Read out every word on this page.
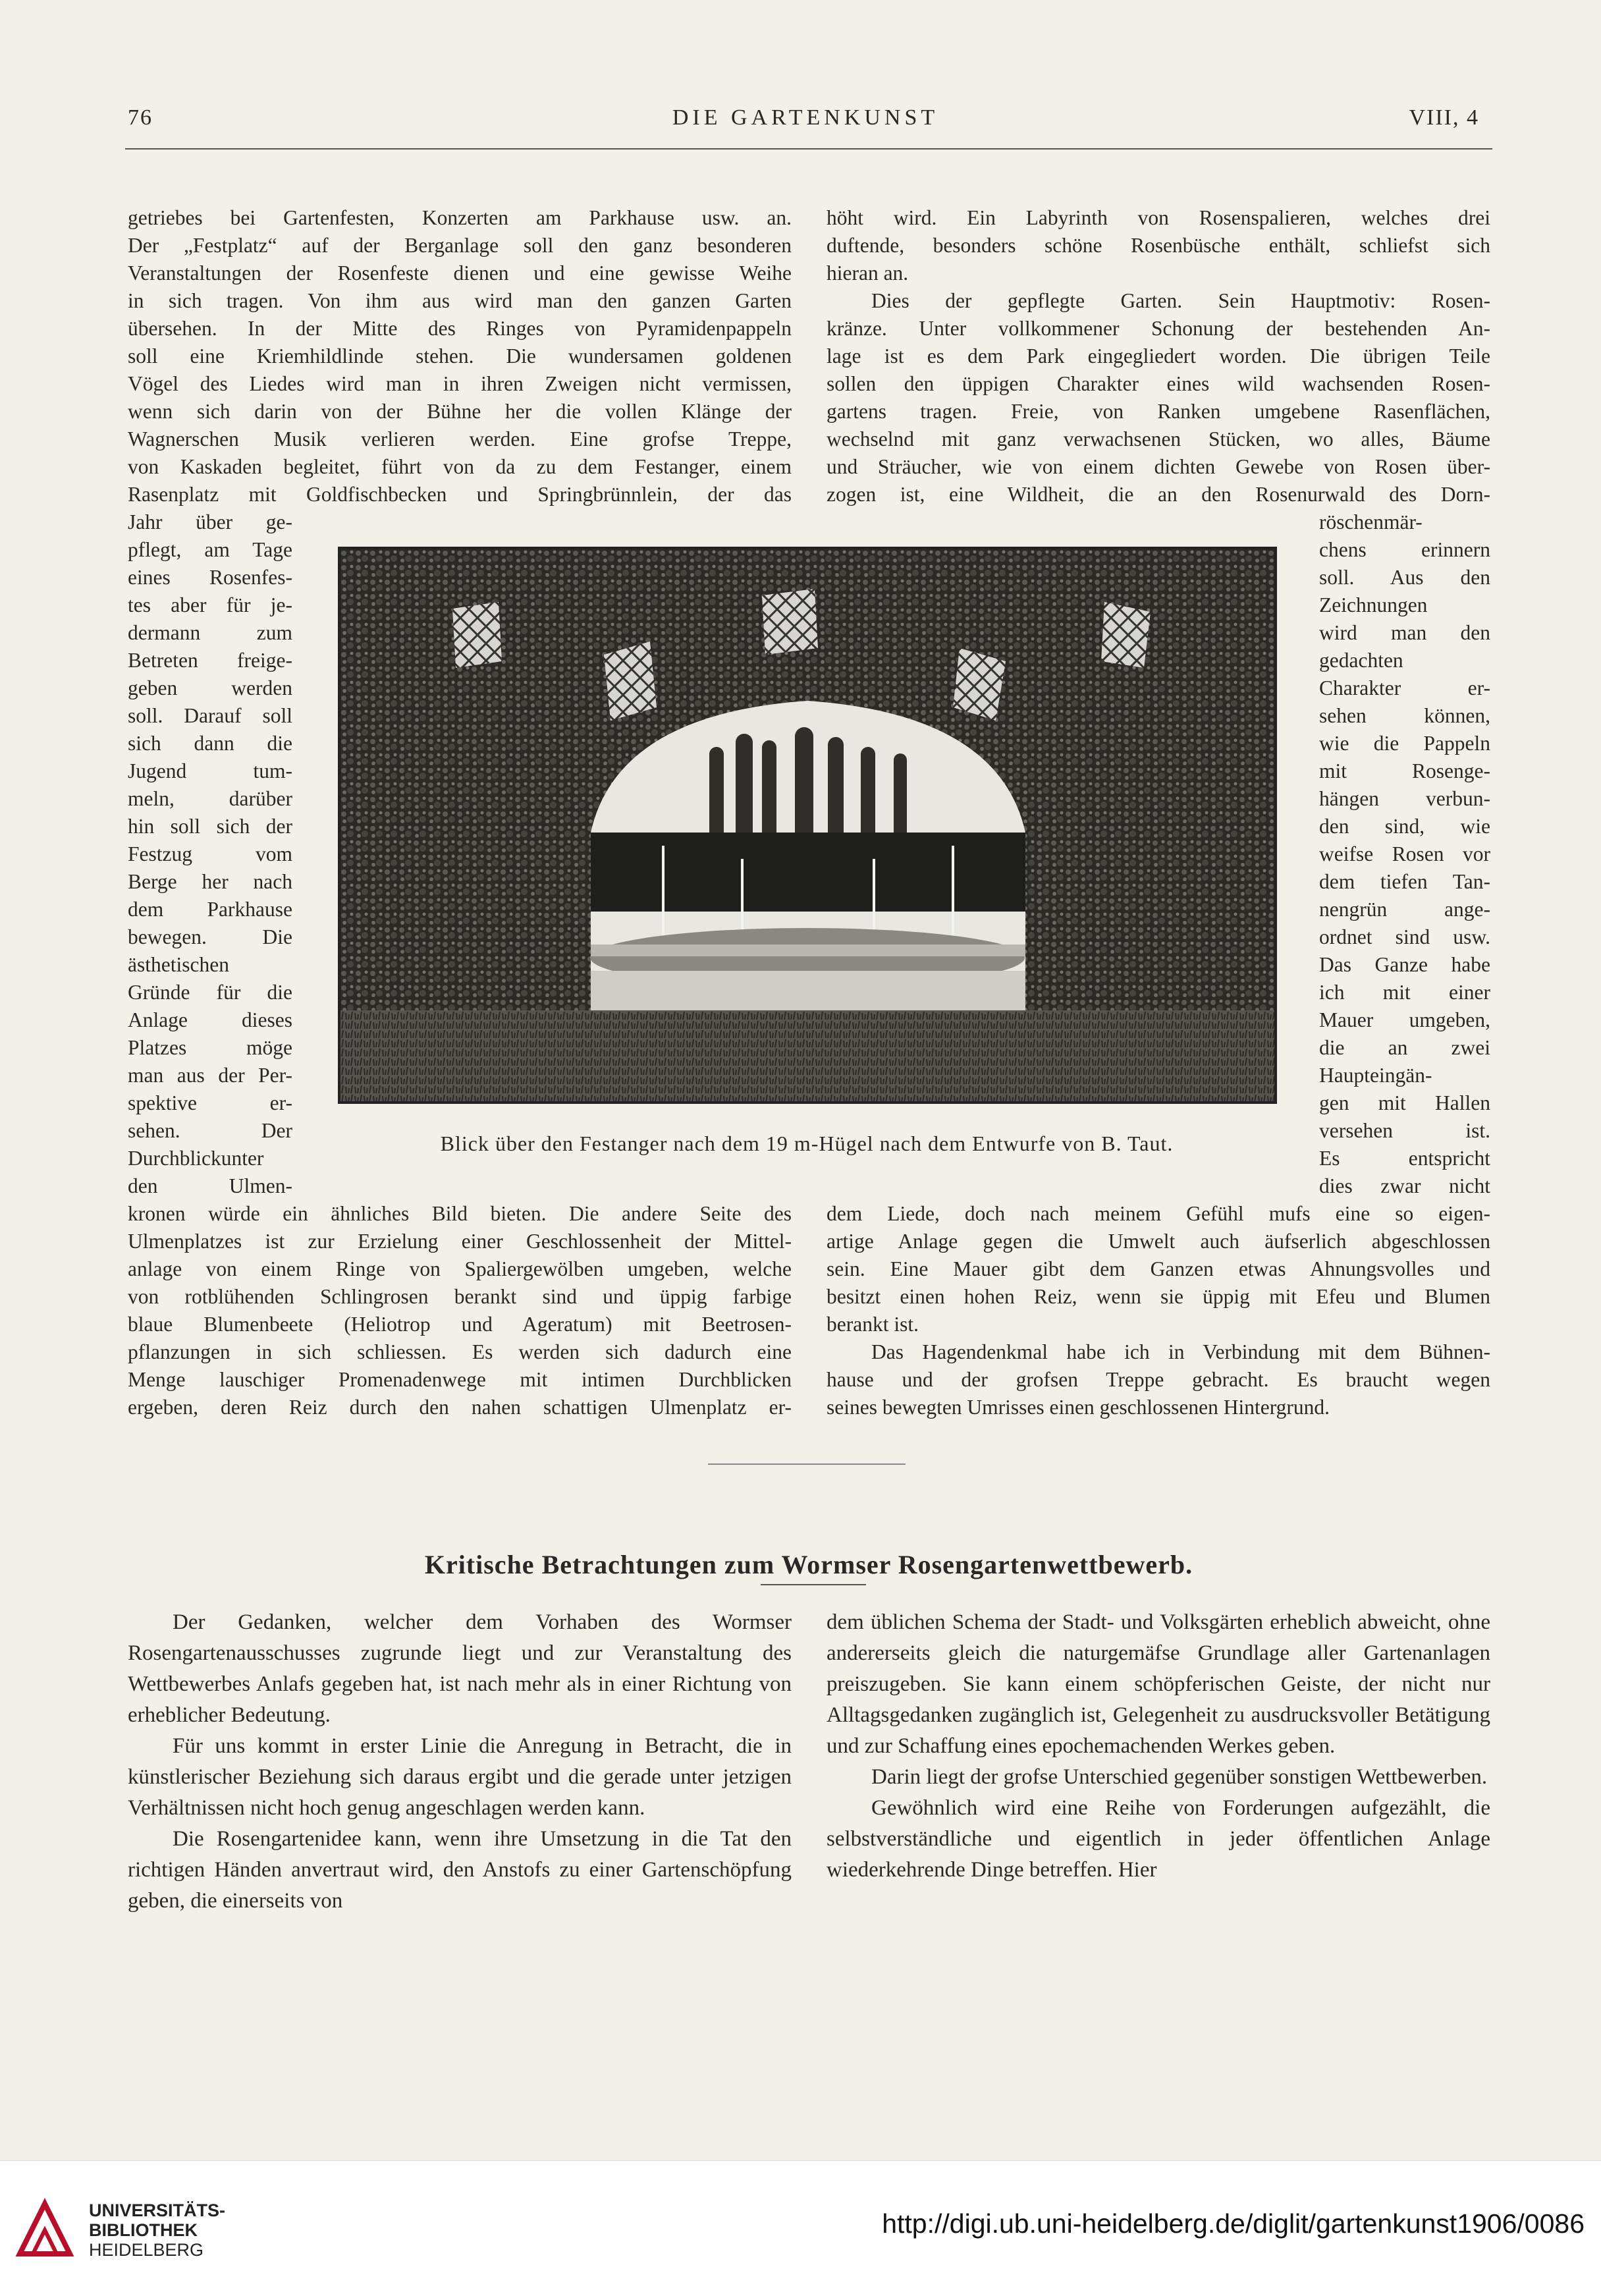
76	DIE GARTENKUNST	VIII, 4
getriebes bei Gartenfesten, Konzerten am Parkhause usw. an.
Der „Festplatz“ auf der Berganlage soll den ganz besonderen
Veranstaltungen der Rosenfeste dienen und eine gewisse Weihe
in sich tragen. Von ihm aus wird man den ganzen Garten
übersehen. In der Mitte des Ringes von Pyramidenpappeln
soll eine Kriemhildlinde stehen. Die wundersamen goldenen
Vögel des Liedes wird man in ihren Zweigen nicht vermissen,
wenn sich darin von der Bühne her die vollen Klänge der
Wagnerschen Musik verlieren werden. Eine grofse Treppe,
von Kaskaden begleitet, führt von da zu dem Festanger, einem
Rasenplatz mit Goldfischbecken und Springbrünnlein, der das
Jahr über ge-
pflegt, am Tage
eines Rosenfes-
tes aber für je-
dermann zum
Betreten freige-
geben werden
soll. Darauf soll
sich dann die
Jugend tum-
meln, darüber
hin soll sich der
Festzug vom
Berge her nach
dem Parkhause
bewegen. Die
ästhetischen
Gründe für die
Anlage dieses
Platzes möge
man aus der Per-
spektive er-
sehen. Der
Durchblickunter
den Ulmen-
kronen würde ein ähnliches Bild bieten. Die andere Seite des
Ulmenplatzes ist zur Erzielung einer Geschlossenheit der Mittel-
anlage von einem Ringe von Spaliergewölben umgeben, welche
von rotblühenden Schlingrosen berankt sind und üppig farbige
blaue Blumenbeete (Heliotrop und Ageratum) mit Beetrosen-
pflanzungen in sich schliessen. Es werden sich dadurch eine
Menge lauschiger Promenadenwege mit intimen Durchblicken
ergeben, deren Reiz durch den nahen schattigen Ulmenplatz er-
höht wird. Ein Labyrinth von Rosenspalieren, welches drei
duftende, besonders schöne Rosenbüsche enthält, schliefst sich
hieran an.
Dies der gepflegte Garten. Sein Hauptmotiv: Rosen-
kränze. Unter vollkommener Schonung der bestehenden An-
lage ist es dem Park eingegliedert worden. Die übrigen Teile
sollen den üppigen Charakter eines wild wachsenden Rosen-
gartens tragen. Freie, von Ranken umgebene Rasenflächen,
wechselnd mit ganz verwachsenen Stücken, wo alles, Bäume
und Sträucher, wie von einem dichten Gewebe von Rosen über-
zogen ist, eine Wildheit, die an den Rosenurwald des Dorn-
röschenmär-
chens erinnern
soll. Aus den
Zeichnungen
wird man den
gedachten
Charakter er-
sehen können,
wie die Pappeln
mit Rosenge-
hängen verbun-
den sind, wie
weifse Rosen vor
dem tiefen Tan-
nengrün ange-
ordnet sind usw.
Das Ganze habe
ich mit einer
Mauer umgeben,
die an zwei
Haupteingän-
gen mit Hallen
versehen ist.
Es entspricht
dies zwar nicht
dem Liede, doch nach meinem Gefühl mufs eine so eigen-
artige Anlage gegen die Umwelt auch äufserlich abgeschlossen
sein. Eine Mauer gibt dem Ganzen etwas Ahnungsvolles und
besitzt einen hohen Reiz, wenn sie üppig mit Efeu und Blumen
berankt ist.
Das Hagendenkmal habe ich in Verbindung mit dem Bühnen-
hause und der grofsen Treppe gebracht. Es braucht wegen
seines bewegten Umrisses einen geschlossenen Hintergrund.
Blick über den Festanger nach dem 19 m-Hügel nach dem Entwurfe von B. Taut.
Kritische Betrachtungen zum Wormser Rosengartenwettbewerb.

Der Gedanken, welcher dem Vorhaben des Wormser Rosengartenausschusses zugrunde liegt und zur Veranstaltung des Wettbewerbes Anlafs gegeben hat, ist nach mehr als in einer Richtung von erheblicher Bedeutung.

Für uns kommt in erster Linie die Anregung in Betracht, die in künstlerischer Beziehung sich daraus ergibt und die gerade unter jetzigen Verhältnissen nicht hoch genug angeschlagen werden kann.

Die Rosengartenidee kann, wenn ihre Umsetzung in die Tat den richtigen Händen anvertraut wird, den Anstofs zu einer Gartenschöpfung geben, die einerseits von

dem üblichen Schema der Stadt- und Volksgärten erheblich abweicht, ohne andererseits gleich die naturgemäfse Grundlage aller Gartenanlagen preiszugeben. Sie kann einem schöpferischen Geiste, der nicht nur Alltagsgedanken zugänglich ist, Gelegenheit zu ausdrucksvoller Betätigung und zur Schaffung eines epochemachenden Werkes geben.

Darin liegt der grofse Unterschied gegenüber sonstigen Wettbewerben.

Gewöhnlich wird eine Reihe von Forderungen aufgezählt, die selbstverständliche und eigentlich in jeder öffentlichen Anlage wiederkehrende Dinge betreffen. Hier

UNIVERSITÄTS-
BIBLIOTHEK
HEIDELBERG
http://digi.ub.uni-heidelberg.de/diglit/gartenkunst1906/0086
